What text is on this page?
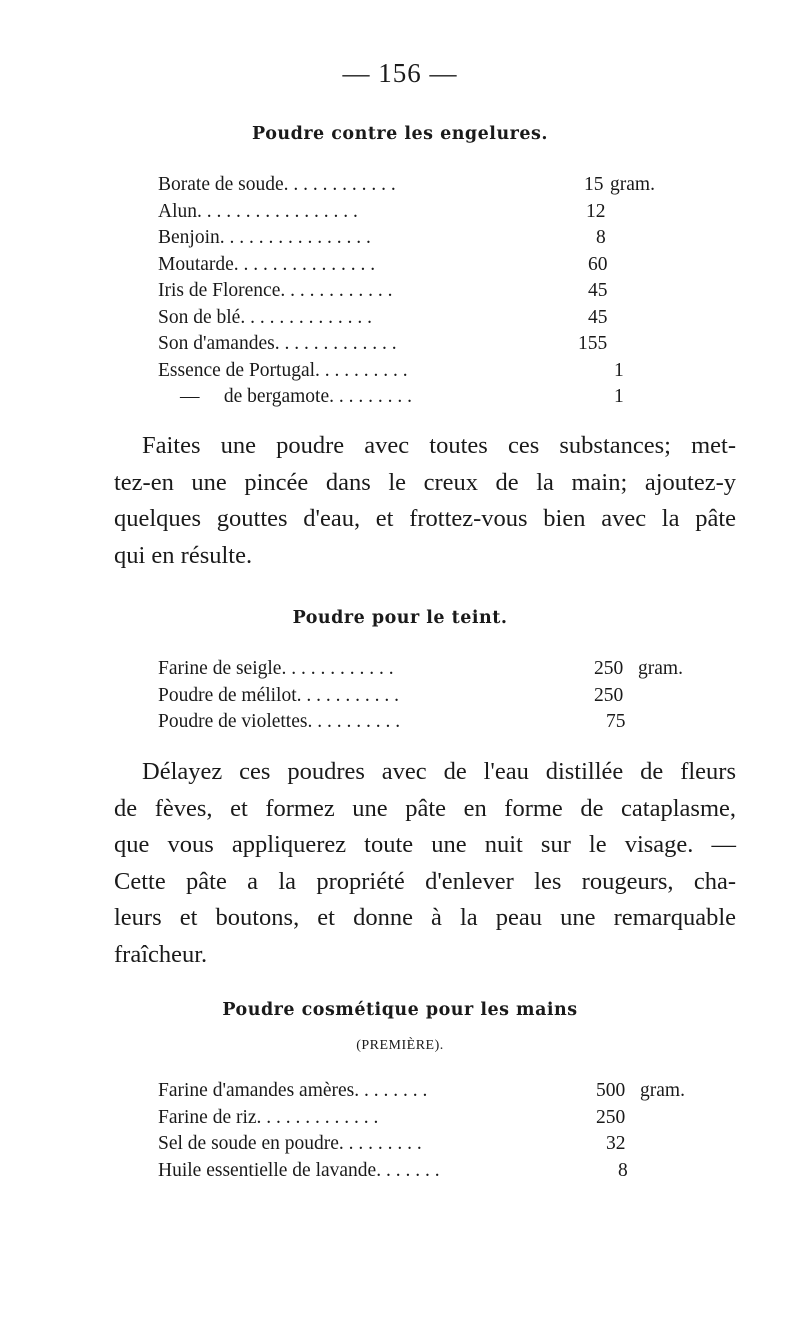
— 156 —
Poudre contre les engelures.
Borate de soude. . . . . . . . . . . .	15 gram.
Alun. . . . . . . . . . . . . . . . .	12
Benjoin. . . . . . . . . . . . . . . .	8
Moutarde. . . . . . . . . . . . . . .	60
Iris de Florence. . . . . . . . . . . .	45
Son de blé. . . . . . . . . . . . . .	45
Son d'amandes. . . . . . . . . . . . .	155
Essence de Portugal. . . . . . . . . .	1
—     de bergamote. . . . . . . . .	1

Faites une poudre avec toutes ces substances; met-
tez-en une pincée dans le creux de la main; ajoutez-y
quelques gouttes d'eau, et frottez-vous bien avec la pâte
qui en résulte.

Poudre pour le teint.
Farine de seigle. . . . . . . . . . . .	250 gram.
Poudre de mélilot. . . . . . . . . . .	250
Poudre de violettes. . . . . . . . . .	75

Délayez ces poudres avec de l'eau distillée de fleurs
de fèves, et formez une pâte en forme de cataplasme,
que vous appliquerez toute une nuit sur le visage. —
Cette pâte a la propriété d'enlever les rougeurs, cha-
leurs et boutons, et donne à la peau une remarquable
fraîcheur.

Poudre cosmétique pour les mains
(PREMIÈRE).
Farine d'amandes amères. . . . . . . .	500 gram.
Farine de riz. . . . . . . . . . . . .	250
Sel de soude en poudre. . . . . . . . .	32
Huile essentielle de lavande. . . . . . .	8
